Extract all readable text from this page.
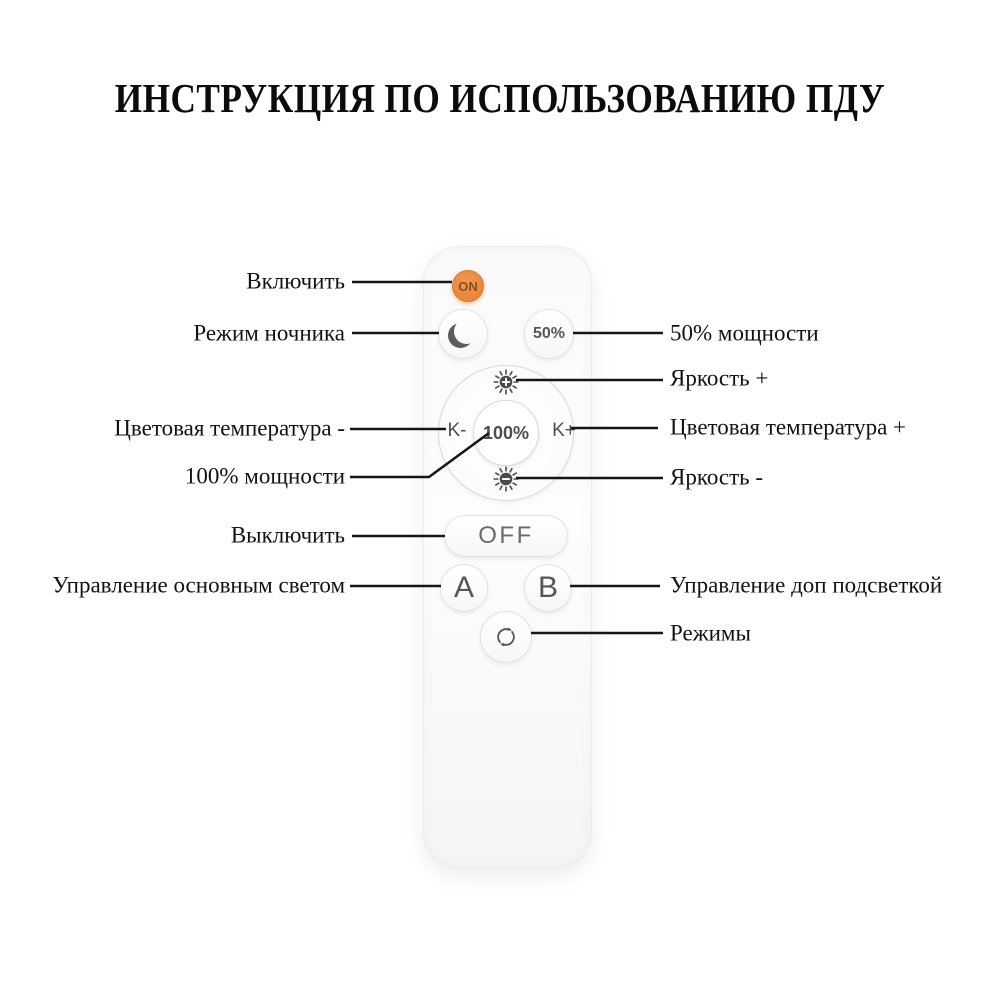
ИНСТРУКЦИЯ ПО ИСПОЛЬЗОВАНИЮ ПДУ
ON
50%
K-	K+
100%
OFF
A B
Включить
Режим ночника
Цветовая температура -
100% мощности
Выключить
Управление основным светом
50% мощности
Яркость +
Цветовая температура +
Яркость -
Управление доп подсветкой
Режимы
